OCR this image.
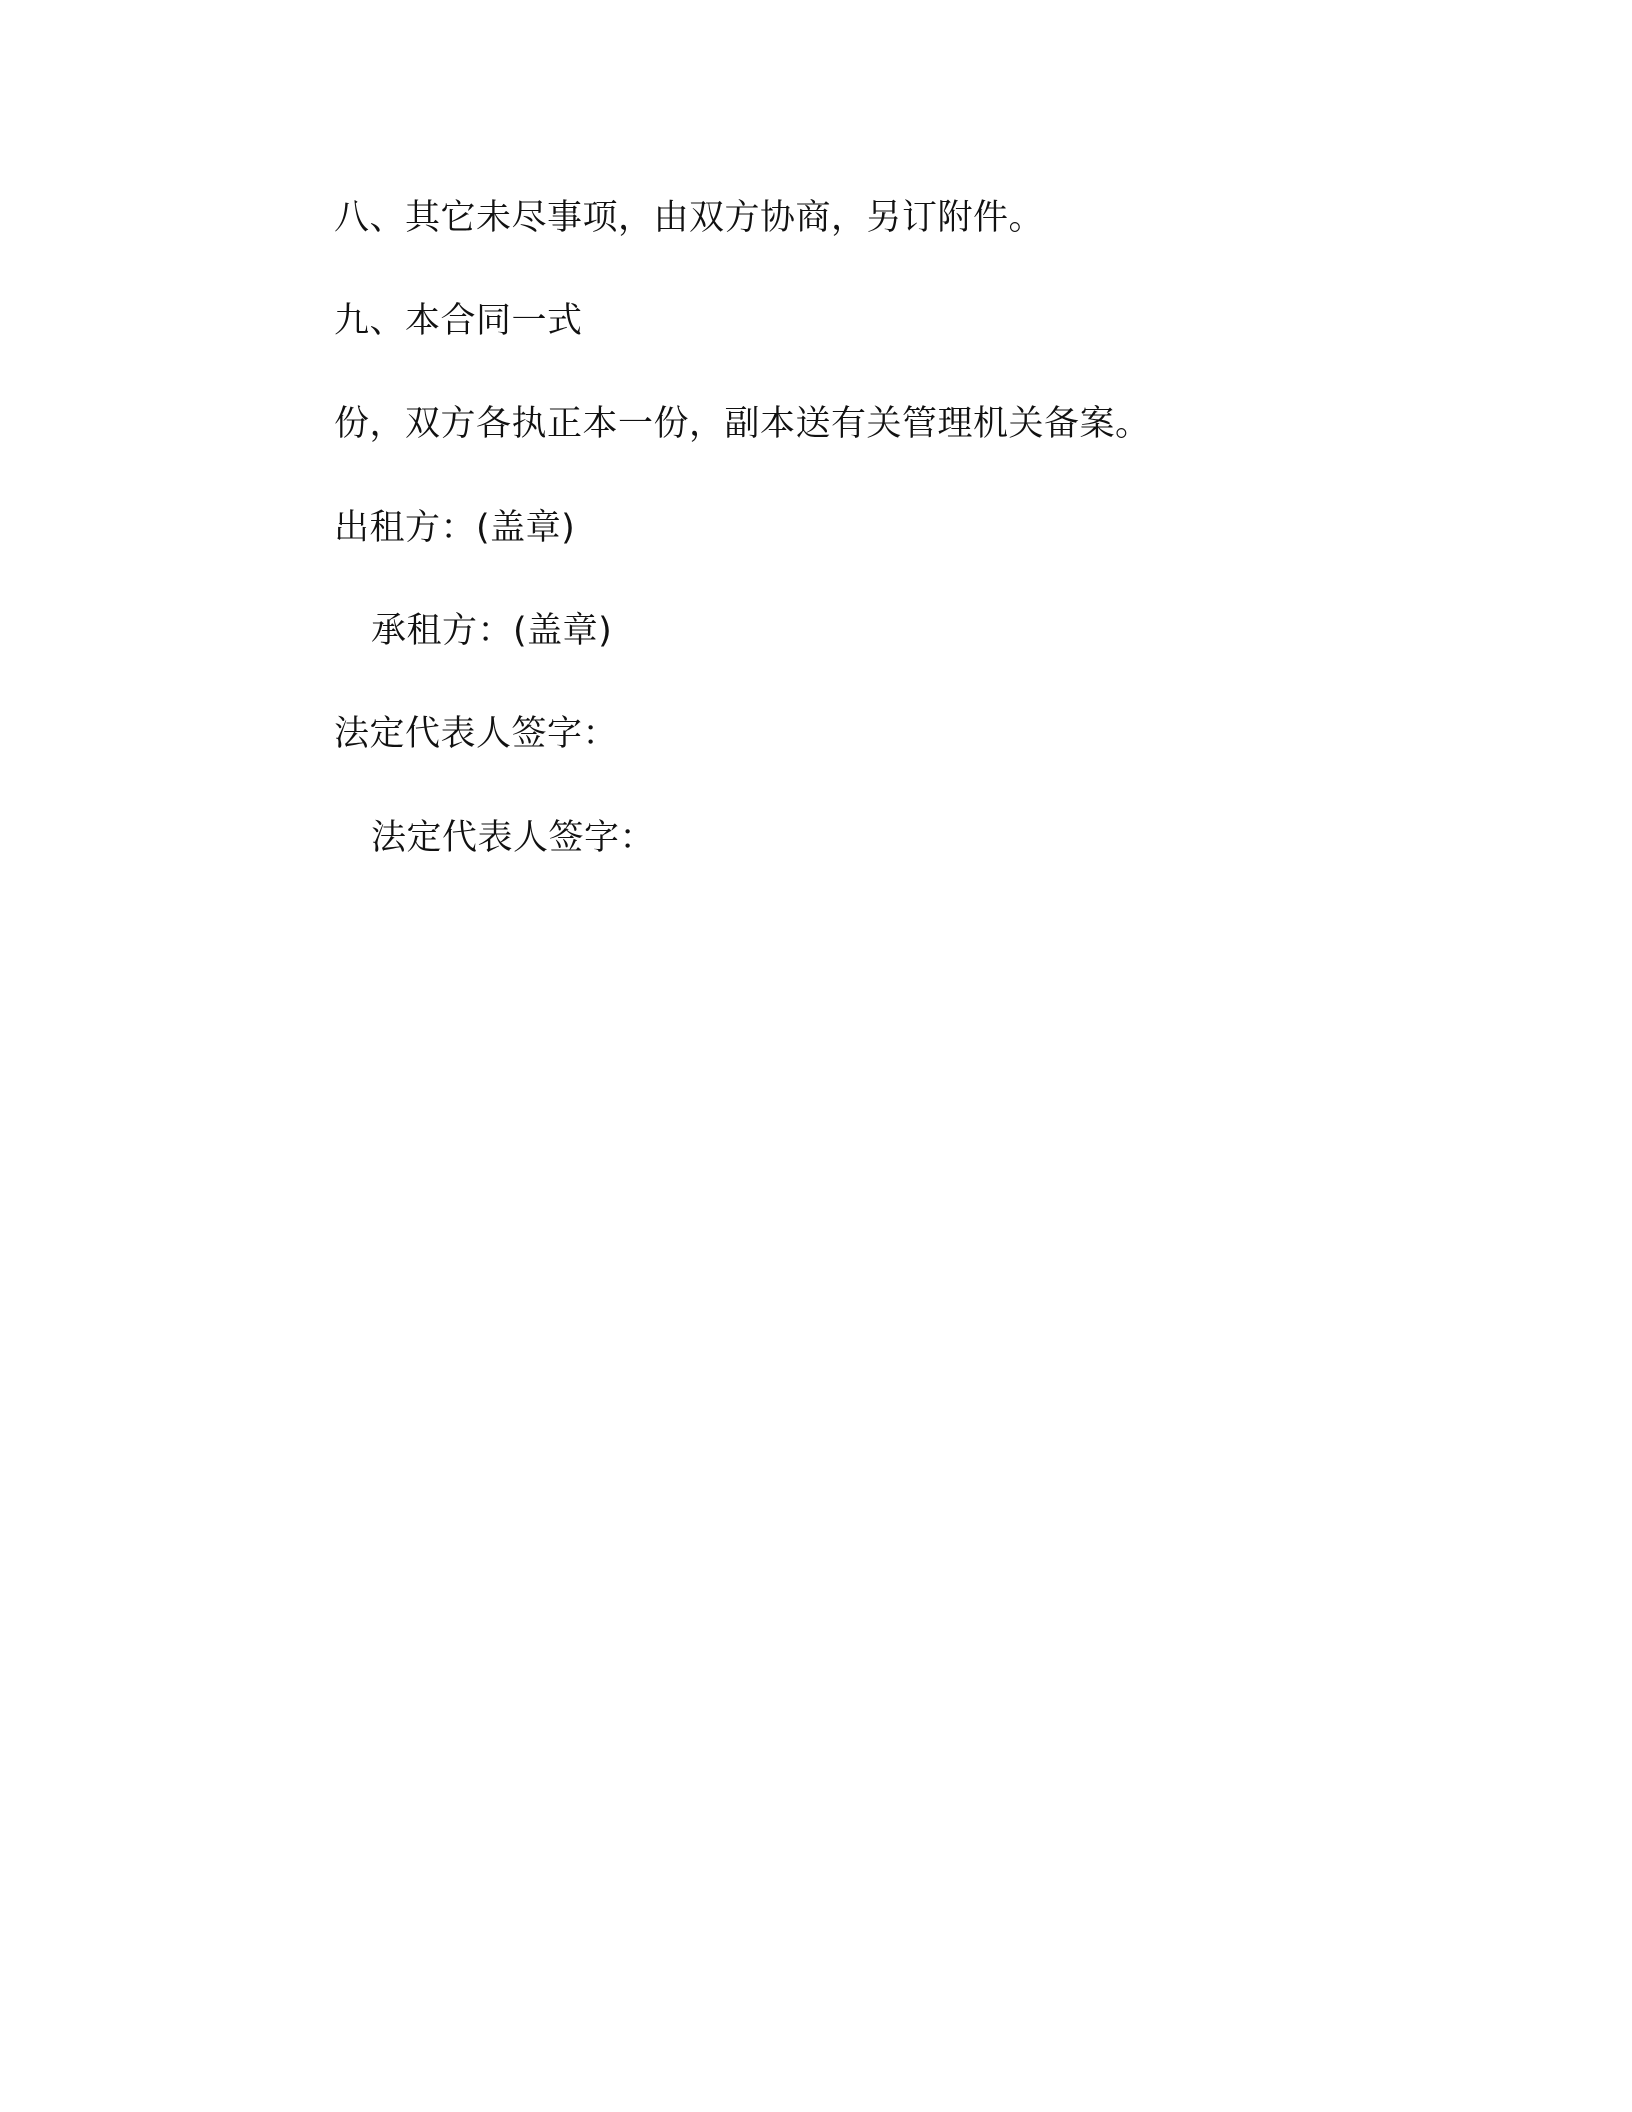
八、其它未尽事项，由双方协商，另订附件。
九、本合同一式
份，双方各执正本一份，副本送有关管理机关备案。
出租方：(盖章)
承租方：(盖章)
法定代表人签字：
法定代表人签字：
